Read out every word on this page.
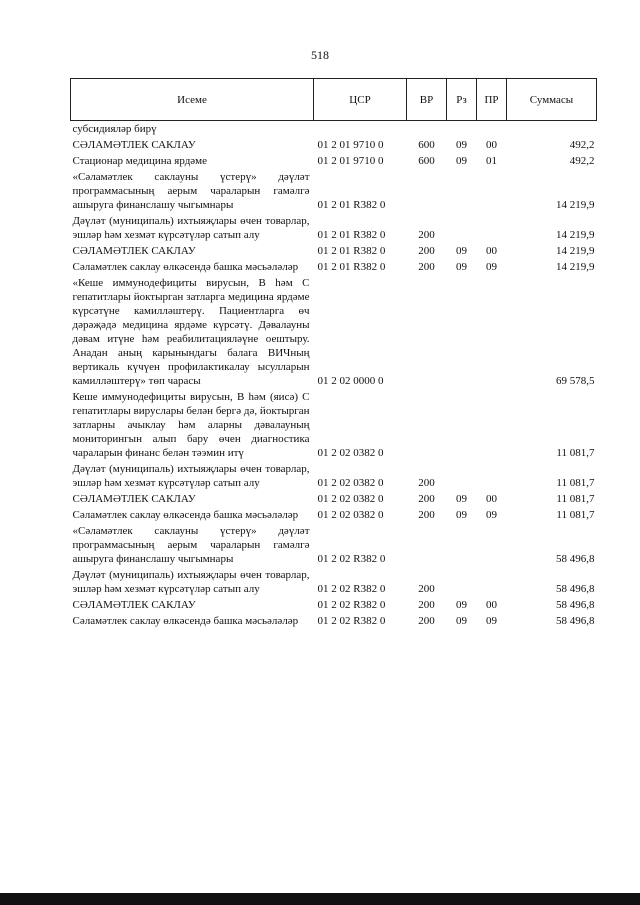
518
Исеме	ЦСР	ВР	Рз	ПР	Суммасы
субсидияләр бирү					
СӘЛАМӘТЛЕК САКЛАУ	01 2 01 9710 0	600	09	00	492,2
Стационар медицина ярдәме	01 2 01 9710 0	600	09	01	492,2
«Сәламәтлек саклауны үстерү» дәүләт программасының аерым чараларын гамәлгә ашыруга финанслашу чыгымнары	01 2 01 R382 0				14 219,9
Дәүләт (муниципаль) ихтыяҗлары өчен товарлар, эшләр һәм хезмәт күрсәтүләр сатып алу	01 2 01 R382 0	200			14 219,9
СӘЛАМӘТЛЕК САКЛАУ	01 2 01 R382 0	200	09	00	14 219,9
Сәламәтлек саклау өлкәсендә башка мәсьәләләр	01 2 01 R382 0	200	09	09	14 219,9
«Кеше иммунодефициты вирусын, В һәм С гепатитлары йоктырган затларга медицина ярдәме күрсәтүне камилләштерү. Пациентларга өч дәрәҗәдә медицина ярдәме күрсәтү. Дәвалауны дәвам итүне һәм реабилитацияләүне оештыру. Анадан аның карынындагы балага ВИЧның вертикаль күчүен профилактикалау ысулларын камилләштерү» төп чарасы	01 2 02 0000 0				69 578,5
Кеше иммунодефициты вирусын, В һәм (яисә) С гепатитлары вируслары белән бергә дә, йоктырган затларны ачыклау һәм аларны дәвалауның мониторингын алып бару өчен диагностика чараларын финанс белән тәэмин итү	01 2 02 0382 0				11 081,7
Дәүләт (муниципаль) ихтыяҗлары өчен товарлар, эшләр һәм хезмәт күрсәтүләр сатып алу	01 2 02 0382 0	200			11 081,7
СӘЛАМӘТЛЕК САКЛАУ	01 2 02 0382 0	200	09	00	11 081,7
Сәламәтлек саклау өлкәсендә башка мәсьәләләр	01 2 02 0382 0	200	09	09	11 081,7
«Сәламәтлек саклауны үстерү» дәүләт программасының аерым чараларын гамәлгә ашыруга финанслашу чыгымнары	01 2 02 R382 0				58 496,8
Дәүләт (муниципаль) ихтыяҗлары өчен товарлар, эшләр һәм хезмәт күрсәтүләр сатып алу	01 2 02 R382 0	200			58 496,8
СӘЛАМӘТЛЕК САКЛАУ	01 2 02 R382 0	200	09	00	58 496,8
Сәламәтлек саклау өлкәсендә башка мәсьәләләр	01 2 02 R382 0	200	09	09	58 496,8
